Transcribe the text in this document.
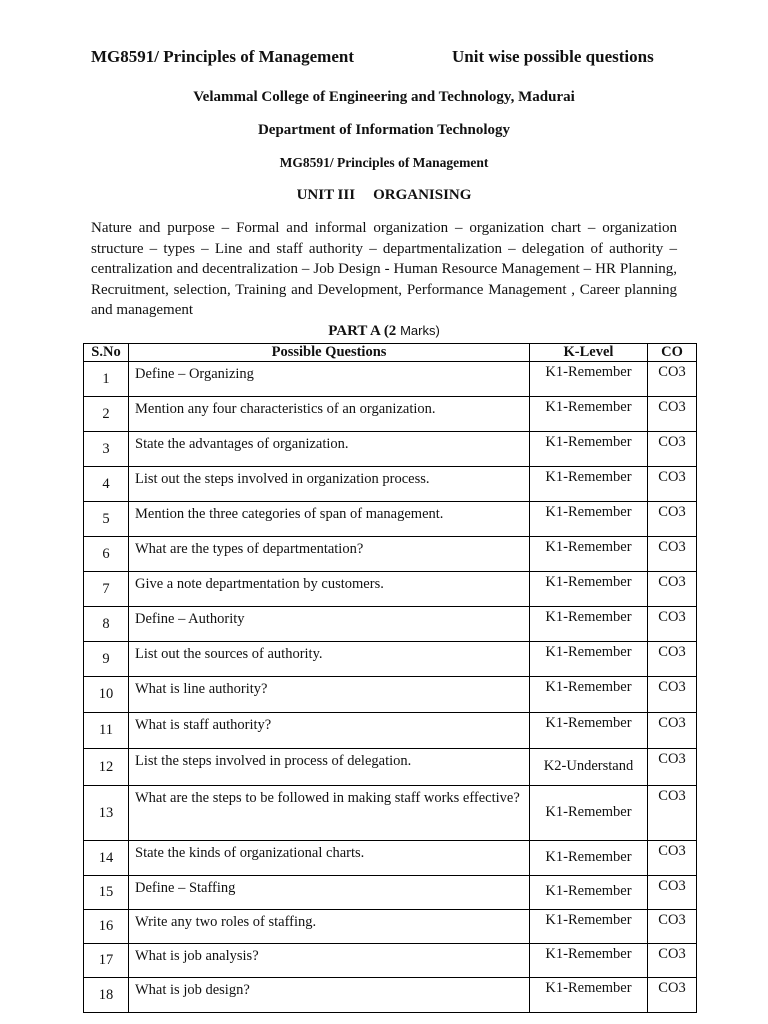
MG8591/ Principles of Management	Unit wise possible questions
Velammal College of Engineering and Technology, Madurai
Department of Information Technology
MG8591/ Principles of Management
UNIT III ORGANISING
Nature and purpose – Formal and informal organization – organization chart – organization structure – types – Line and staff authority – departmentalization – delegation of authority – centralization and decentralization – Job Design - Human Resource Management – HR Planning, Recruitment, selection, Training and Development, Performance Management , Career planning and management
PART A (2 Marks)
S.No	Possible Questions	K-Level	CO
1	Define – Organizing	K1-Remember	CO3
2	Mention any four characteristics of an organization.	K1-Remember	CO3
3	State the advantages of organization.	K1-Remember	CO3
4	List out the steps involved in organization process.	K1-Remember	CO3
5	Mention the three categories of span of management.	K1-Remember	CO3
6	What are the types of departmentation?	K1-Remember	CO3
7	Give a note departmentation by customers.	K1-Remember	CO3
8	Define – Authority	K1-Remember	CO3
9	List out the sources of authority.	K1-Remember	CO3
10	What is line authority?	K1-Remember	CO3
11	What is staff authority?	K1-Remember	CO3
12	List the steps involved in process of delegation.	K2-Understand	CO3
13	What are the steps to be followed in making staff works effective?	K1-Remember	CO3
14	State the kinds of organizational charts.	K1-Remember	CO3
15	Define – Staffing	K1-Remember	CO3
16	Write any two roles of staffing.	K1-Remember	CO3
17	What is job analysis?	K1-Remember	CO3
18	What is job design?	K1-Remember	CO3
